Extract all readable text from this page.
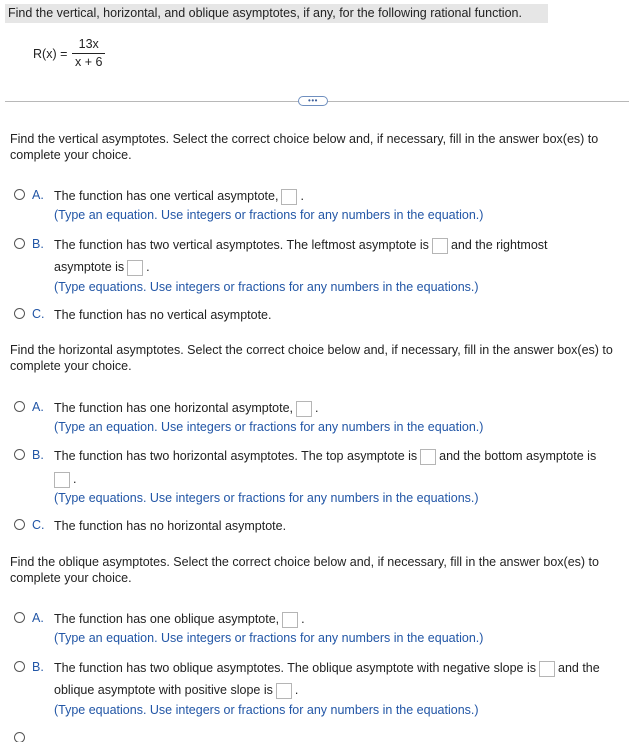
Find the vertical, horizontal, and oblique asymptotes, if any, for the following rational function.
R(x) =
13x
x + 6
•••
Find the vertical asymptotes. Select the correct choice below and, if necessary, fill in the answer box(es) to complete your choice.
A. The function has one vertical asymptote, .
(Type an equation. Use integers or fractions for any numbers in the equation.)
B. The function has two vertical asymptotes. The leftmost asymptote is and the rightmost
asymptote is .
(Type equations. Use integers or fractions for any numbers in the equations.)
C. The function has no vertical asymptote.
Find the horizontal asymptotes. Select the correct choice below and, if necessary, fill in the answer box(es) to complete your choice.
A. The function has one horizontal asymptote, .
(Type an equation. Use integers or fractions for any numbers in the equation.)
B. The function has two horizontal asymptotes. The top asymptote is and the bottom asymptote is
.
(Type equations. Use integers or fractions for any numbers in the equations.)
C. The function has no horizontal asymptote.
Find the oblique asymptotes. Select the correct choice below and, if necessary, fill in the answer box(es) to complete your choice.
A. The function has one oblique asymptote, .
(Type an equation. Use integers or fractions for any numbers in the equation.)
B. The function has two oblique asymptotes. The oblique asymptote with negative slope is and the
oblique asymptote with positive slope is .
(Type equations. Use integers or fractions for any numbers in the equations.)
